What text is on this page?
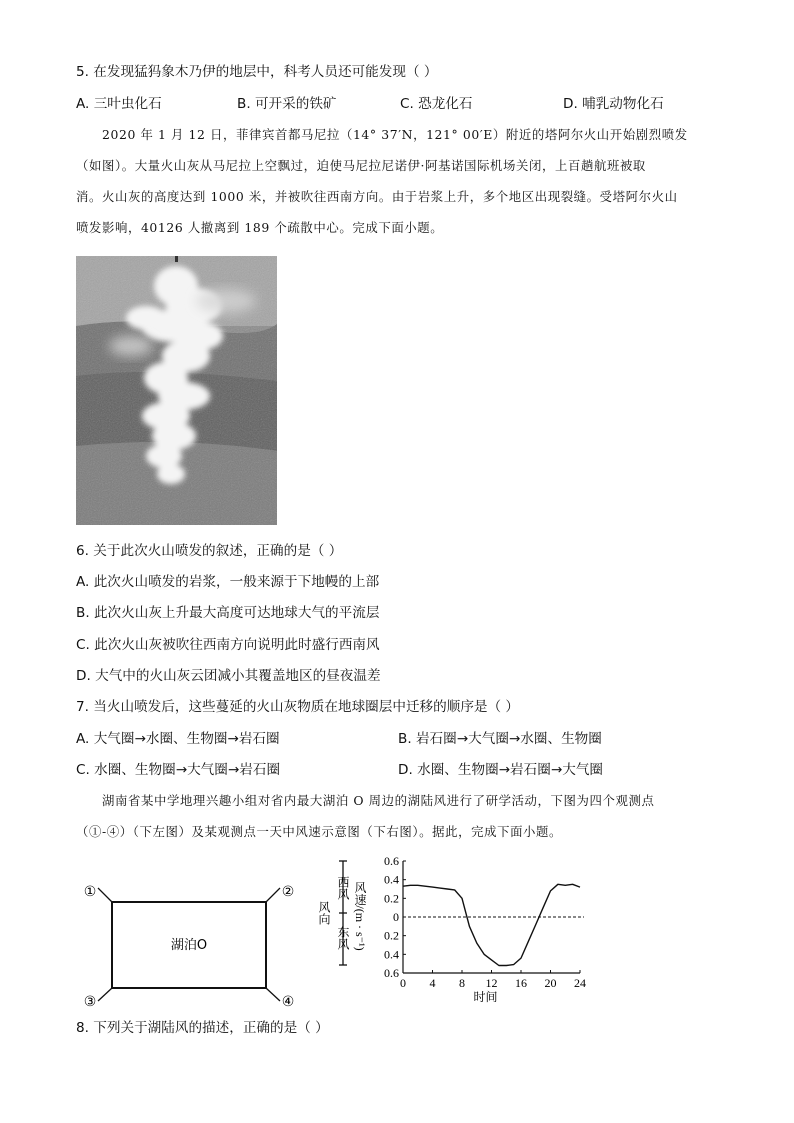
5. 在发现猛犸象木乃伊的地层中，科考人员还可能发现（ ）
A. 三叶虫化石	B. 可开采的铁矿	C. 恐龙化石	D. 哺乳动物化石
2020 年 1 月 12 日，菲律宾首都马尼拉（14° 37′N，121° 00′E）附近的塔阿尔火山开始剧烈喷发
（如图）。大量火山灰从马尼拉上空飘过，迫使马尼拉尼诺伊·阿基诺国际机场关闭，上百趟航班被取
消。火山灰的高度达到 1000 米，并被吹往西南方向。由于岩浆上升，多个地区出现裂缝。受塔阿尔火山
喷发影响，40126 人撤离到 189 个疏散中心。完成下面小题。
6. 关于此次火山喷发的叙述，正确的是（ ）
A. 此次火山喷发的岩浆，一般来源于下地幔的上部
B. 此次火山灰上升最大高度可达地球大气的平流层
C. 此次火山灰被吹往西南方向说明此时盛行西南风
D. 大气中的火山灰云团减小其覆盖地区的昼夜温差
7. 当火山喷发后，这些蔓延的火山灰物质在地球圈层中迁移的顺序是（ ）
A. 大气圈→水圈、生物圈→岩石圈	B. 岩石圈→大气圈→水圈、生物圈
C. 水圈、生物圈→大气圈→岩石圈	D. 水圈、生物圈→岩石圈→大气圈
湖南省某中学地理兴趣小组对省内最大湖泊 O 周边的湖陆风进行了研学活动，下图为四个观测点
（①-④）（下左图）及某观测点一天中风速示意图（下右图）。据此，完成下面小题。
湖泊O
①	②
③	④
西风
东风
风向 风速/(m · s⁻¹)
0.6
0.4
0.2
0
0.2
0.4
0.6
0 4 8 12 16 20 24
时间
8. 下列关于湖陆风的描述，正确的是（ ）
